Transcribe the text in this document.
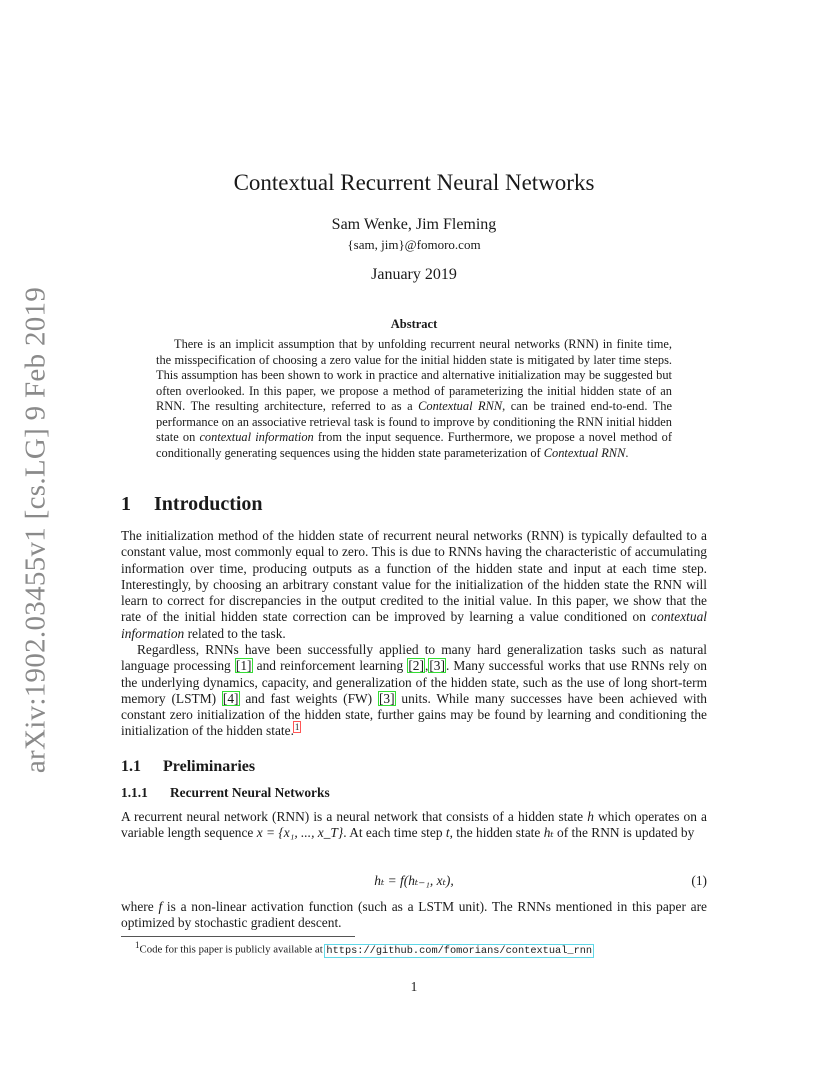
arXiv:1902.03455v1 [cs.LG] 9 Feb 2019
Contextual Recurrent Neural Networks
Sam Wenke, Jim Fleming
{sam, jim}@fomoro.com
January 2019
Abstract

There is an implicit assumption that by unfolding recurrent neural networks (RNN) in finite time, the misspecification of choosing a zero value for the initial hidden state is mitigated by later time steps. This assumption has been shown to work in practice and alternative initialization may be suggested but often overlooked. In this paper, we propose a method of parameterizing the initial hidden state of an RNN. The resulting architecture, referred to as a Contextual RNN, can be trained end-to-end. The performance on an associative retrieval task is found to improve by conditioning the RNN initial hidden state on contextual information from the input sequence. Furthermore, we propose a novel method of conditionally generating sequences using the hidden state parameterization of Contextual RNN.

1 Introduction

The initialization method of the hidden state of recurrent neural networks (RNN) is typically defaulted to a constant value, most commonly equal to zero. This is due to RNNs having the characteristic of accumulating information over time, producing outputs as a function of the hidden state and input at each time step. Interestingly, by choosing an arbitrary constant value for the initialization of the hidden state the RNN will learn to correct for discrepancies in the output credited to the initial value. In this paper, we show that the rate of the initial hidden state correction can be improved by learning a value conditioned on contextual information related to the task.

Regardless, RNNs have been successfully applied to many hard generalization tasks such as natural language processing [1] and reinforcement learning [2],[3]. Many successful works that use RNNs rely on the underlying dynamics, capacity, and generalization of the hidden state, such as the use of long short-term memory (LSTM) [4] and fast weights (FW) [3] units. While many successes have been achieved with constant zero initialization of the hidden state, further gains may be found by learning and conditioning the initialization of the hidden state.$^1$

1.1 Preliminaries
1.1.1 Recurrent Neural Networks

A recurrent neural network (RNN) is a neural network that consists of a hidden state h which operates on a variable length sequence x = {x₁, ..., x_T}. At each time step t, the hidden state hₜ of the RNN is updated by

hₜ = f(hₜ₋₁, xₜ),	(1)

where f is a non-linear activation function (such as a LSTM unit). The RNNs mentioned in this paper are optimized by stochastic gradient descent.

$^1$Code for this paper is publicly available at https://github.com/fomorians/contextual_rnn

1
